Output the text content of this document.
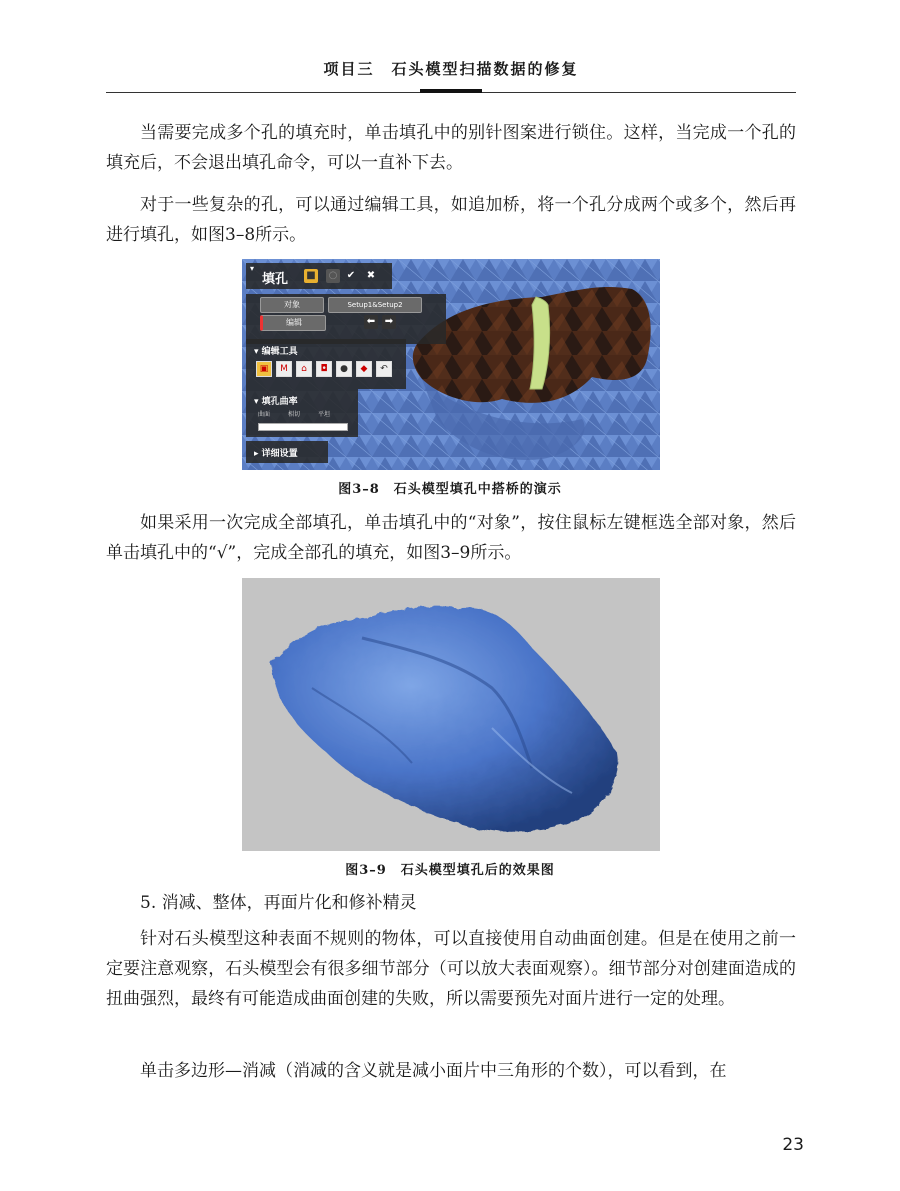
项目三　石头模型扫描数据的修复

当需要完成多个孔的填充时，单击填孔中的别针图案进行锁住。这样，当完成一个孔的填充后，不会退出填孔命令，可以一直补下去。

对于一些复杂的孔，可以通过编辑工具，如追加桥，将一个孔分成两个或多个，然后再进行填孔，如图3–8所示。

▾
填孔 ■ ○ ✔ ✖
对象	Setup1&Setup2
编辑	⬅ ➡
▾ 编辑工具
▣	M	⌂	◘	●	◆	↶
▾ 填孔曲率
曲面	相切	平坦
▸ 详细设置
图3–8　石头模型填孔中搭桥的演示

如果采用一次完成全部填孔，单击填孔中的“对象”，按住鼠标左键框选全部对象，然后单击填孔中的“√”，完成全部孔的填充，如图3–9所示。

图3–9　石头模型填孔后的效果图

5. 消减、整体，再面片化和修补精灵

针对石头模型这种表面不规则的物体，可以直接使用自动曲面创建。但是在使用之前一定要注意观察，石头模型会有很多细节部分（可以放大表面观察）。细节部分对创建面造成的扭曲强烈，最终有可能造成曲面创建的失败，所以需要预先对面片进行一定的处理。

单击多边形—消减（消减的含义就是减小面片中三角形的个数），可以看到，在

23
